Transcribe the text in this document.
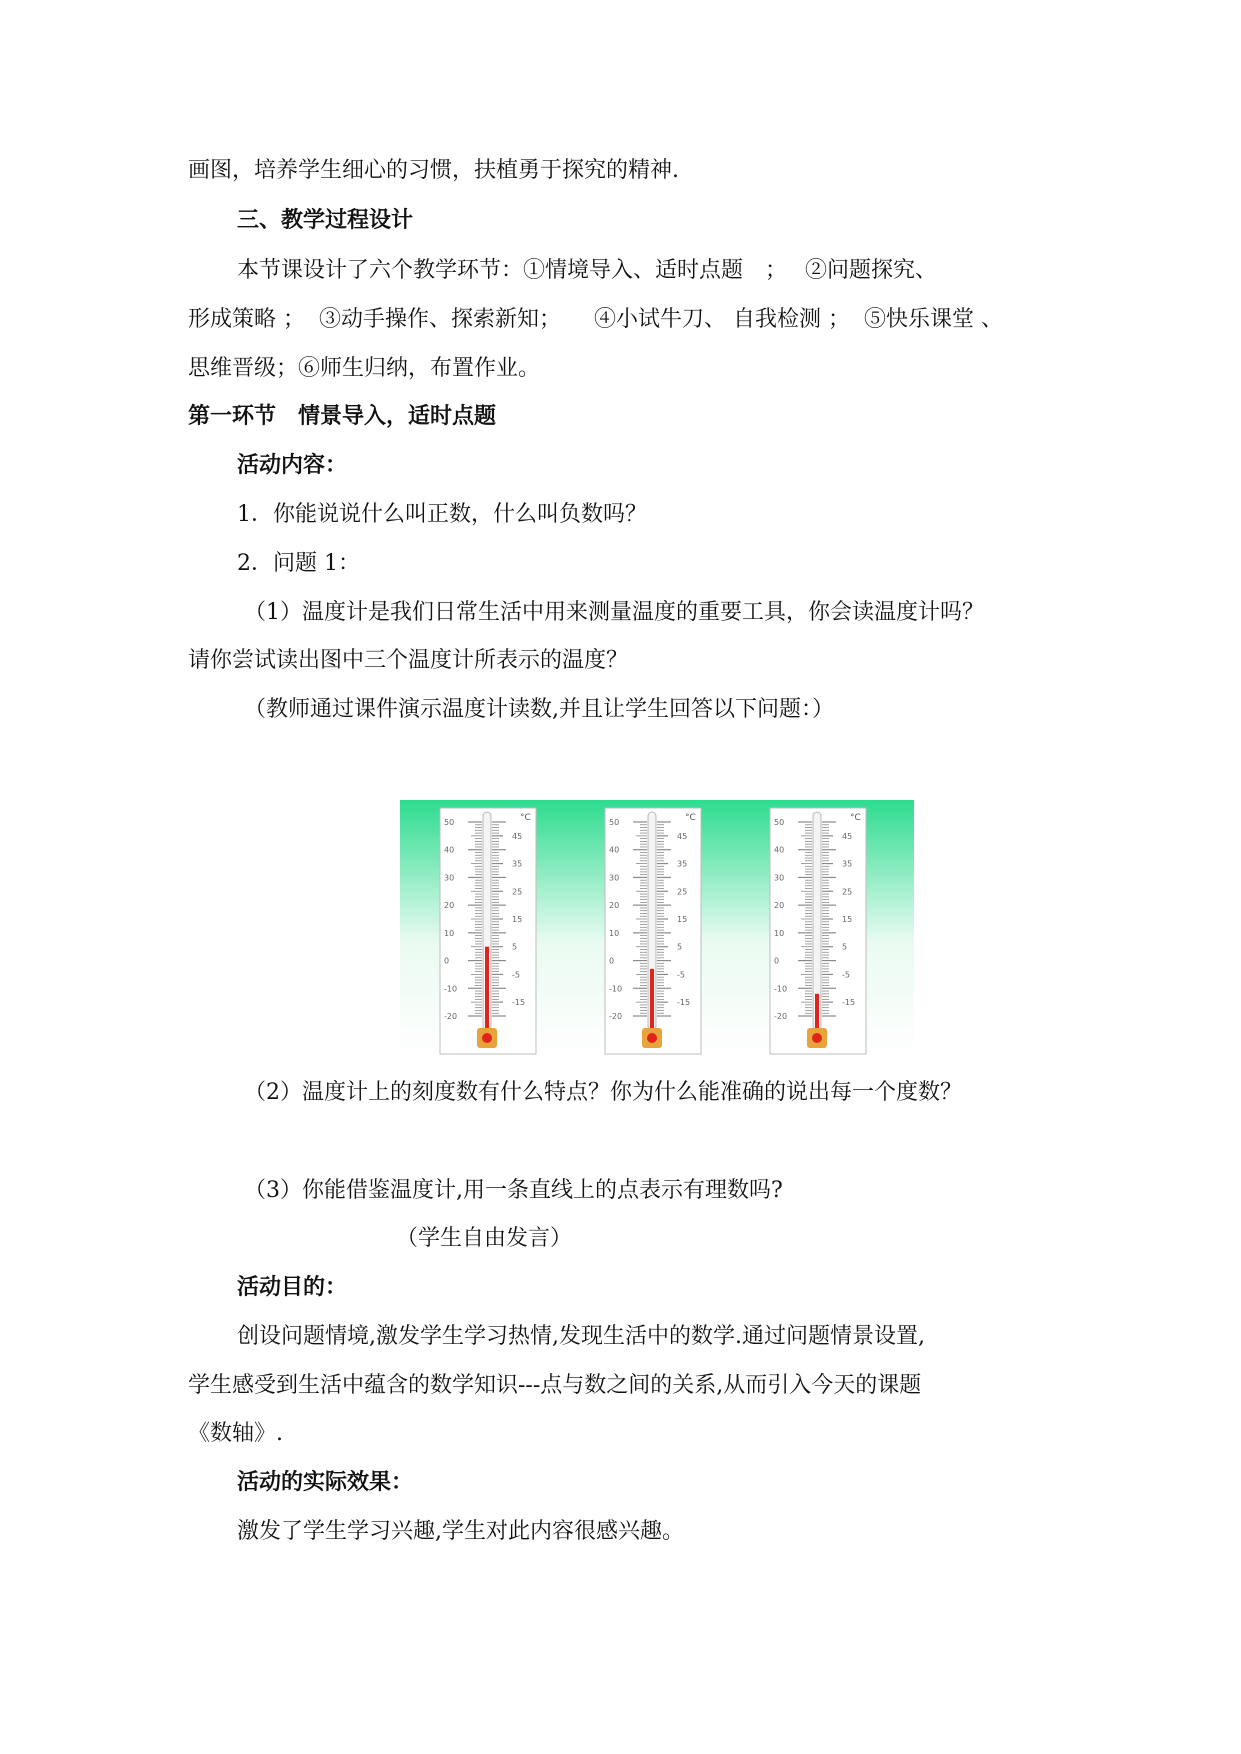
画图，培养学生细心的习惯，扶植勇于探究的精神.
三、教学过程设计
本节课设计了六个教学环节：①情境导入、适时点题　；　 ②问题探究、
形成策略 ；  ③动手操作、探索新知；　　④小试牛刀、 自我检测 ；  ⑤快乐课堂 、
思维晋级；⑥师生归纳，布置作业。
第一环节　情景导入，适时点题
活动内容：
1．你能说说什么叫正数，什么叫负数吗？
2．问题 1：
（1）温度计是我们日常生活中用来测量温度的重要工具，你会读温度计吗？
请你尝试读出图中三个温度计所表示的温度？
（教师通过课件演示温度计读数,并且让学生回答以下问题：）
°C
50
40
30
20
10
0
-10
-20
45
35
25
15
5
-5
-15
°C
50
40
30
20
10
0
-10
-20
45
35
25
15
5
-5
-15
°C
50
40
30
20
10
0
-10
-20
45
35
25
15
5
-5
-15
（2）温度计上的刻度数有什么特点？你为什么能准确的说出每一个度数？
（3）你能借鉴温度计,用一条直线上的点表示有理数吗?
（学生自由发言）
活动目的：
创设问题情境,激发学生学习热情,发现生活中的数学.通过问题情景设置,
学生感受到生活中蕴含的数学知识---点与数之间的关系,从而引入今天的课题
《数轴》.
活动的实际效果：
激发了学生学习兴趣,学生对此内容很感兴趣。
